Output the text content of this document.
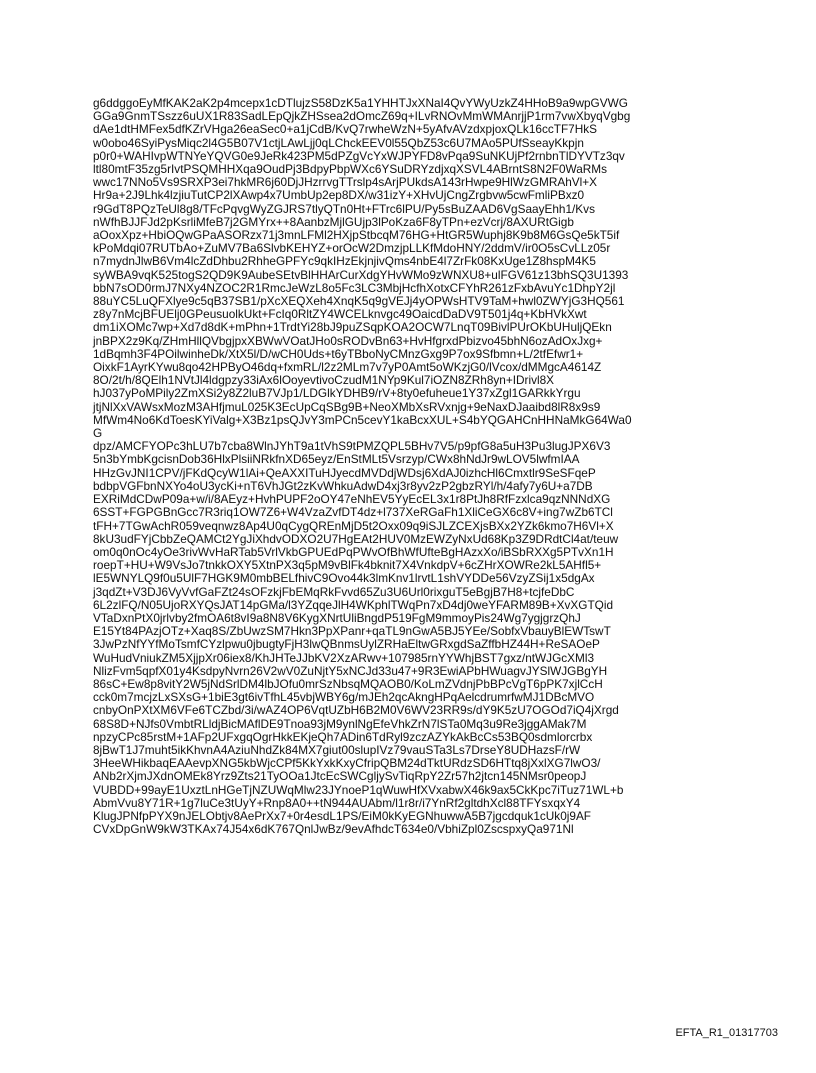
g6ddggoEyMfKAK2aK2p4mcepx1cDTlujzS58DzK5a1YHHTJxXNaI4QvYWyUzkZ4HHoB9a9wpGVWG
GGa9GnmTSszz6uUX1R83SadLEpQjkZHSsea2dOmcZ69q+ILvRNOvMmWMAnrjjP1rm7vwXbyqVgbg
dAe1dtHMFex5dfKZrVHga26eaSec0+a1jCdB/KvQ7rwheWzN+5yAfvAVzdxpjoxQLk16ccTF7HkS
w0obo46SyiPysMiqc2l4G5B07V1ctjLAwLjj0qLChckEEV0l55QbZ53c6U7MAo5PUfSseayKkpjn
p0r0+WAHIvpWTNYeYQVG0e9JeRk423PM5dPZgVcYxWJPYFD8vPqa9SuNKUjPf2rnbnTlDYVTz3qv
ltl80mtF35zg5rIvtPSQMHHXqa9OudPj3BdpyPbpWXc6YSuDRYzdjxqXSVL4ABrntS8N2F0WaRMs
wwc17NNo5Vs9SRXP3ei7hkMR6j60DjJHzrrvgTTrslp4sArjPUkdsA143rHwpe9HlWzGMRAhVl+X
Hr9a+2J9Lhk4lzjiuTutCP2lXAwp4x7UmbUp2ep8DX/w31izY+XHvUjCngZrgbvw5cwFmliPBxz0
r9GdT8PQzTeUl8g8/TFcPqvgWyZGJRS7tlyQTn0Ht+FTrc6lPU/Py5sBuZAAD6VgSaayEhh1/Kvs
nWfhBJJFJd2pKsrliMfeB7j2GMYrx++8AanbzMjlGUjp3lPoKza6F8yTPn+ezVcrj/8AXURtGigb
aOoxXpz+HbiOQwGPaASORzx71j3mnLFMl2HXjpStbcqM76HG+HtGR5Wuphj8K9b8M6GsQe5kT5if
kPoMdqi07RUTbAo+ZuMV7Ba6SlvbKEHYZ+orOcW2DmzjpLLKfMdoHNY/2ddmV/ir0O5sCvLLz05r
n7mydnJlwB6Vm4lcZdDhbu2RhheGPFYc9qkIHzEkjnjivQms4nbE4l7ZrFk08KxUge1Z8hspM4K5
syWBA9vqK525togS2QD9K9AubeSEtvBlHHArCurXdgYHvWMo9zWNXU8+ulFGV61z13bhSQ3U1393
bbN7sOD0rmJ7NXy4NZOC2R1RmcJeWzL8o5Fc3LC3MbjHcfhXotxCFYhR261zFxbAvuYc1DhpY2jl
88uYC5LuQFXlye9c5qB37SB1/pXcXEQXeh4XnqK5q9gVEJj4yOPWsHTV9TaM+hwl0ZWYjG3HQ561
z8y7nMcjBFUElj0GPeusuolkUkt+FcIq0RltZY4WCELknvgc49OaicdDaDV9T501j4q+KbHVkXwt
dm1iXOMc7wp+Xd7d8dK+mPhn+1TrdtYi28bJ9puZSqpKOA2OCW7LnqT09BivlPUrOKbUHuljQEkn
jnBPX2z9Kq/ZHmHllQVbgjpxXBWwVOatJHo0sRODvBn63+HvHfgrxdPbizvo45bhN6ozAdOxJxg+
1dBqmh3F4POilwinheDk/XtX5l/D/wCH0Uds+t6yTBboNyCMnzGxg9P7ox9Sfbmn+L/2tfEfwr1+
OixkF1AyrKYwu8qo42HPByO46dq+fxmRL/l2z2MLm7v7yP0Amt5oWKzjG0/lVcox/dMMgcA4614Z
8O/2t/h/8QElh1NVtJl4ldgpzy33iAx6lOoyevtivoCzudM1NYp9Kul7iOZN8ZRh8yn+IDrivl8X
hJ037yPoMPily2ZmXSi2y8Z2luB7VJp1/LDGlkYDHB9/rV+8ty0efuheue1Y37xZgl1GARkkYrgu
jtjNlXxVAWsxMozM3AHfjmuL025K3EcUpCqSBg9B+NeoXMbXsRVxnjg+9eNaxDJaaibd8lR8x9s9
MfWm4No6KdToesKYiValg+X3Bz1psQJvY3mPCn5cevY1kaBcxXUL+S4bYQGAHCnHHNaMkG64Wa0
G
dpz/AMCFYOPc3hLU7b7cba8WlnJYhT9a1tVhS9tPMZQPL5BHv7V5/p9pfG8a5uH3Pu3lugJPX6V3
5n3bYmbKgcisnDob36HlxPlsiiNRkfnXD65eyz/EnStMLt5Vsrzyp/CWx8hNdJr9wLOV5lwfmIAA
HHzGvJNI1CPV/jFKdQcyW1lAi+QeAXXITuHJyecdMVDdjWDsj6XdAJ0izhcHl6Cmxtlr9SeSFqeP
bdbpVGFbnNXYo4oU3ycKi+nT6VhJGt2zKvWhkuAdwD4xj3r8yv2zP2gbzRYl/h/4afy7y6U+a7DB
EXRiMdCDwP09a+w/i/8AEyz+HvhPUPF2oOY47eNhEV5YyEcEL3x1r8PtJh8RfFzxlca9qzNNNdXG
6SST+FGPGBnGcc7R3riq1OW7Z6+W4VzaZvfDT4dz+l737XeRGaFh1XliCeGX6c8V+ing7wZb6TCl
tFH+7TGwAchR059veqnwz8Ap4U0qCygQREnMjD5t2Oxx09q9iSJLZCEXjsBXx2YZk6kmo7H6Vl+X
8kU3udFYjCbbZeQAMCt2YgJiXhdvODXO2U7HgEAt2HUV0MzEWZyNxUd68Kp3Z9DRdtCl4at/teuw
om0q0nOc4yOe3rivWvHaRTab5VrlVkbGPUEdPqPWvOfBhWfUfteBgHAzxXo/iBSbRXXg5PTvXn1H
roepT+HU+W9VsJo7tnkkOXY5XtnPX3q5pM9vBlFk4bknit7X4VnkdpV+6cZHrXOWRe2kL5AHfl5+
lE5WNYLQ9f0u5UlF7HGK9M0mbBELfhivC9Ovo44k3lmKnv1lrvtL1shVYDDe56VzyZSij1x5dgAx
j3qdZt+V3DJ6VyVvfGaFZt24sOFzkjFbEMqRkFvvd65Zu3U6Url0rixguT5eBgjB7H8+tcjfeDbC
6L2zlFQ/N05UjoRXYQsJAT14pGMa/l3YZqqeJlH4WKphlTWqPn7xD4dj0weYFARM89B+XvXGTQid
VTaDxnPtX0jrlvby2fmOA6t8vI9a8N8V6KygXNrtUliBngdP519FgM9mmoyPis24Wg7ygjgrzQhJ
E15Yt84PAzjOTz+Xaq8S/ZbUwzSM7Hkn3PpXPanr+qaTL9nGwA5BJ5YEe/SobfxVbauyBlEWTswT
3JwPzNfYYfMoTsmfCYzlpwu0jbugtyFjH3lwQBnmsUylZRHaEltwGRxgdSaZffbHZ44H+ReSAOeP
WuHudVniukZM5XjjpXr06iex8/KhJHTeJJbKV2XzARwv+107985rnYYWhjBST7gxz/ntWJGcXMl3
NlizFvm5qpfX01y4KsdpyNvrn26V2wV0ZuNjtY5xNCJd33u47+9R3EwiAPbHWuagvJYSlWJGBgYH
86sC+Ew8p8vitY2W5jNdSrlDM4lbJOfu0mrSzNbsqMQAOB0/KoLmZVdnjPbBPcVgT6pPK7xjlCcH
cck0m7mcjzLxSXsG+1biE3gt6ivTfhL45vbjWBY6g/mJEh2qcAkngHPqAelcdrumrfwMJ1DBcMVO
cnbyOnPXtXM6VFe6TCZbd/3i/wAZ4OP6VqtUZbH6B2M0V6WV23RR9s/dY9K5zU7OGOd7iQ4jXrgd
68S8D+NJfs0VmbtRLldjBicMAflDE9Tnoa93jM9ynlNgEfeVhkZrN7lSTa0Mq3u9Re3jggAMak7M
npzyCPc85rstM+1AFp2UFxgqOgrHkkEKjeQh7ADin6TdRyl9zczAZYkAkBcCs53BQ0sdmlorcrbx
8jBwT1J7muht5ikKhvnA4AziuNhdZk84MX7giut00slupIVz79vauSTa3Ls7DrseY8UDHazsF/rW
3HeeWHikbaqEAAevpXNG5kbWjcCPf5KkYxkKxyCfripQBM24dTktURdzSD6HTtq8jXxlXG7lwO3/
ANb2rXjmJXdnOMEk8Yrz9Zts21TyOOa1JtcEcSWCgljySvTiqRpY2Zr57h2jtcn145NMsr0peopJ
VUBDD+99ayE1UxztLnHGeTjNZUWqMlw23JYnoeP1qWuwHfXVxabwX46k9ax5CkKpc7iTuz71WL+b
AbmVvu8Y71R+1g7luCe3tUyY+Rnp8A0++tN944AUAbm/l1r8r/i7YnRf2gltdhXcl88TFYsxqxY4
KlugJPNfpPYX9nJELObtjv8AePrXx7+0r4esdL1PS/EiM0kKyEGNhuwwA5B7jgcdquk1cUk0j9AF
CVxDpGnW9kW3TKAx74J54x6dK767QnlJwBz/9evAfhdcT634e0/VbhiZpl0ZscspxyQa971Nl
EFTA_R1_01317703
